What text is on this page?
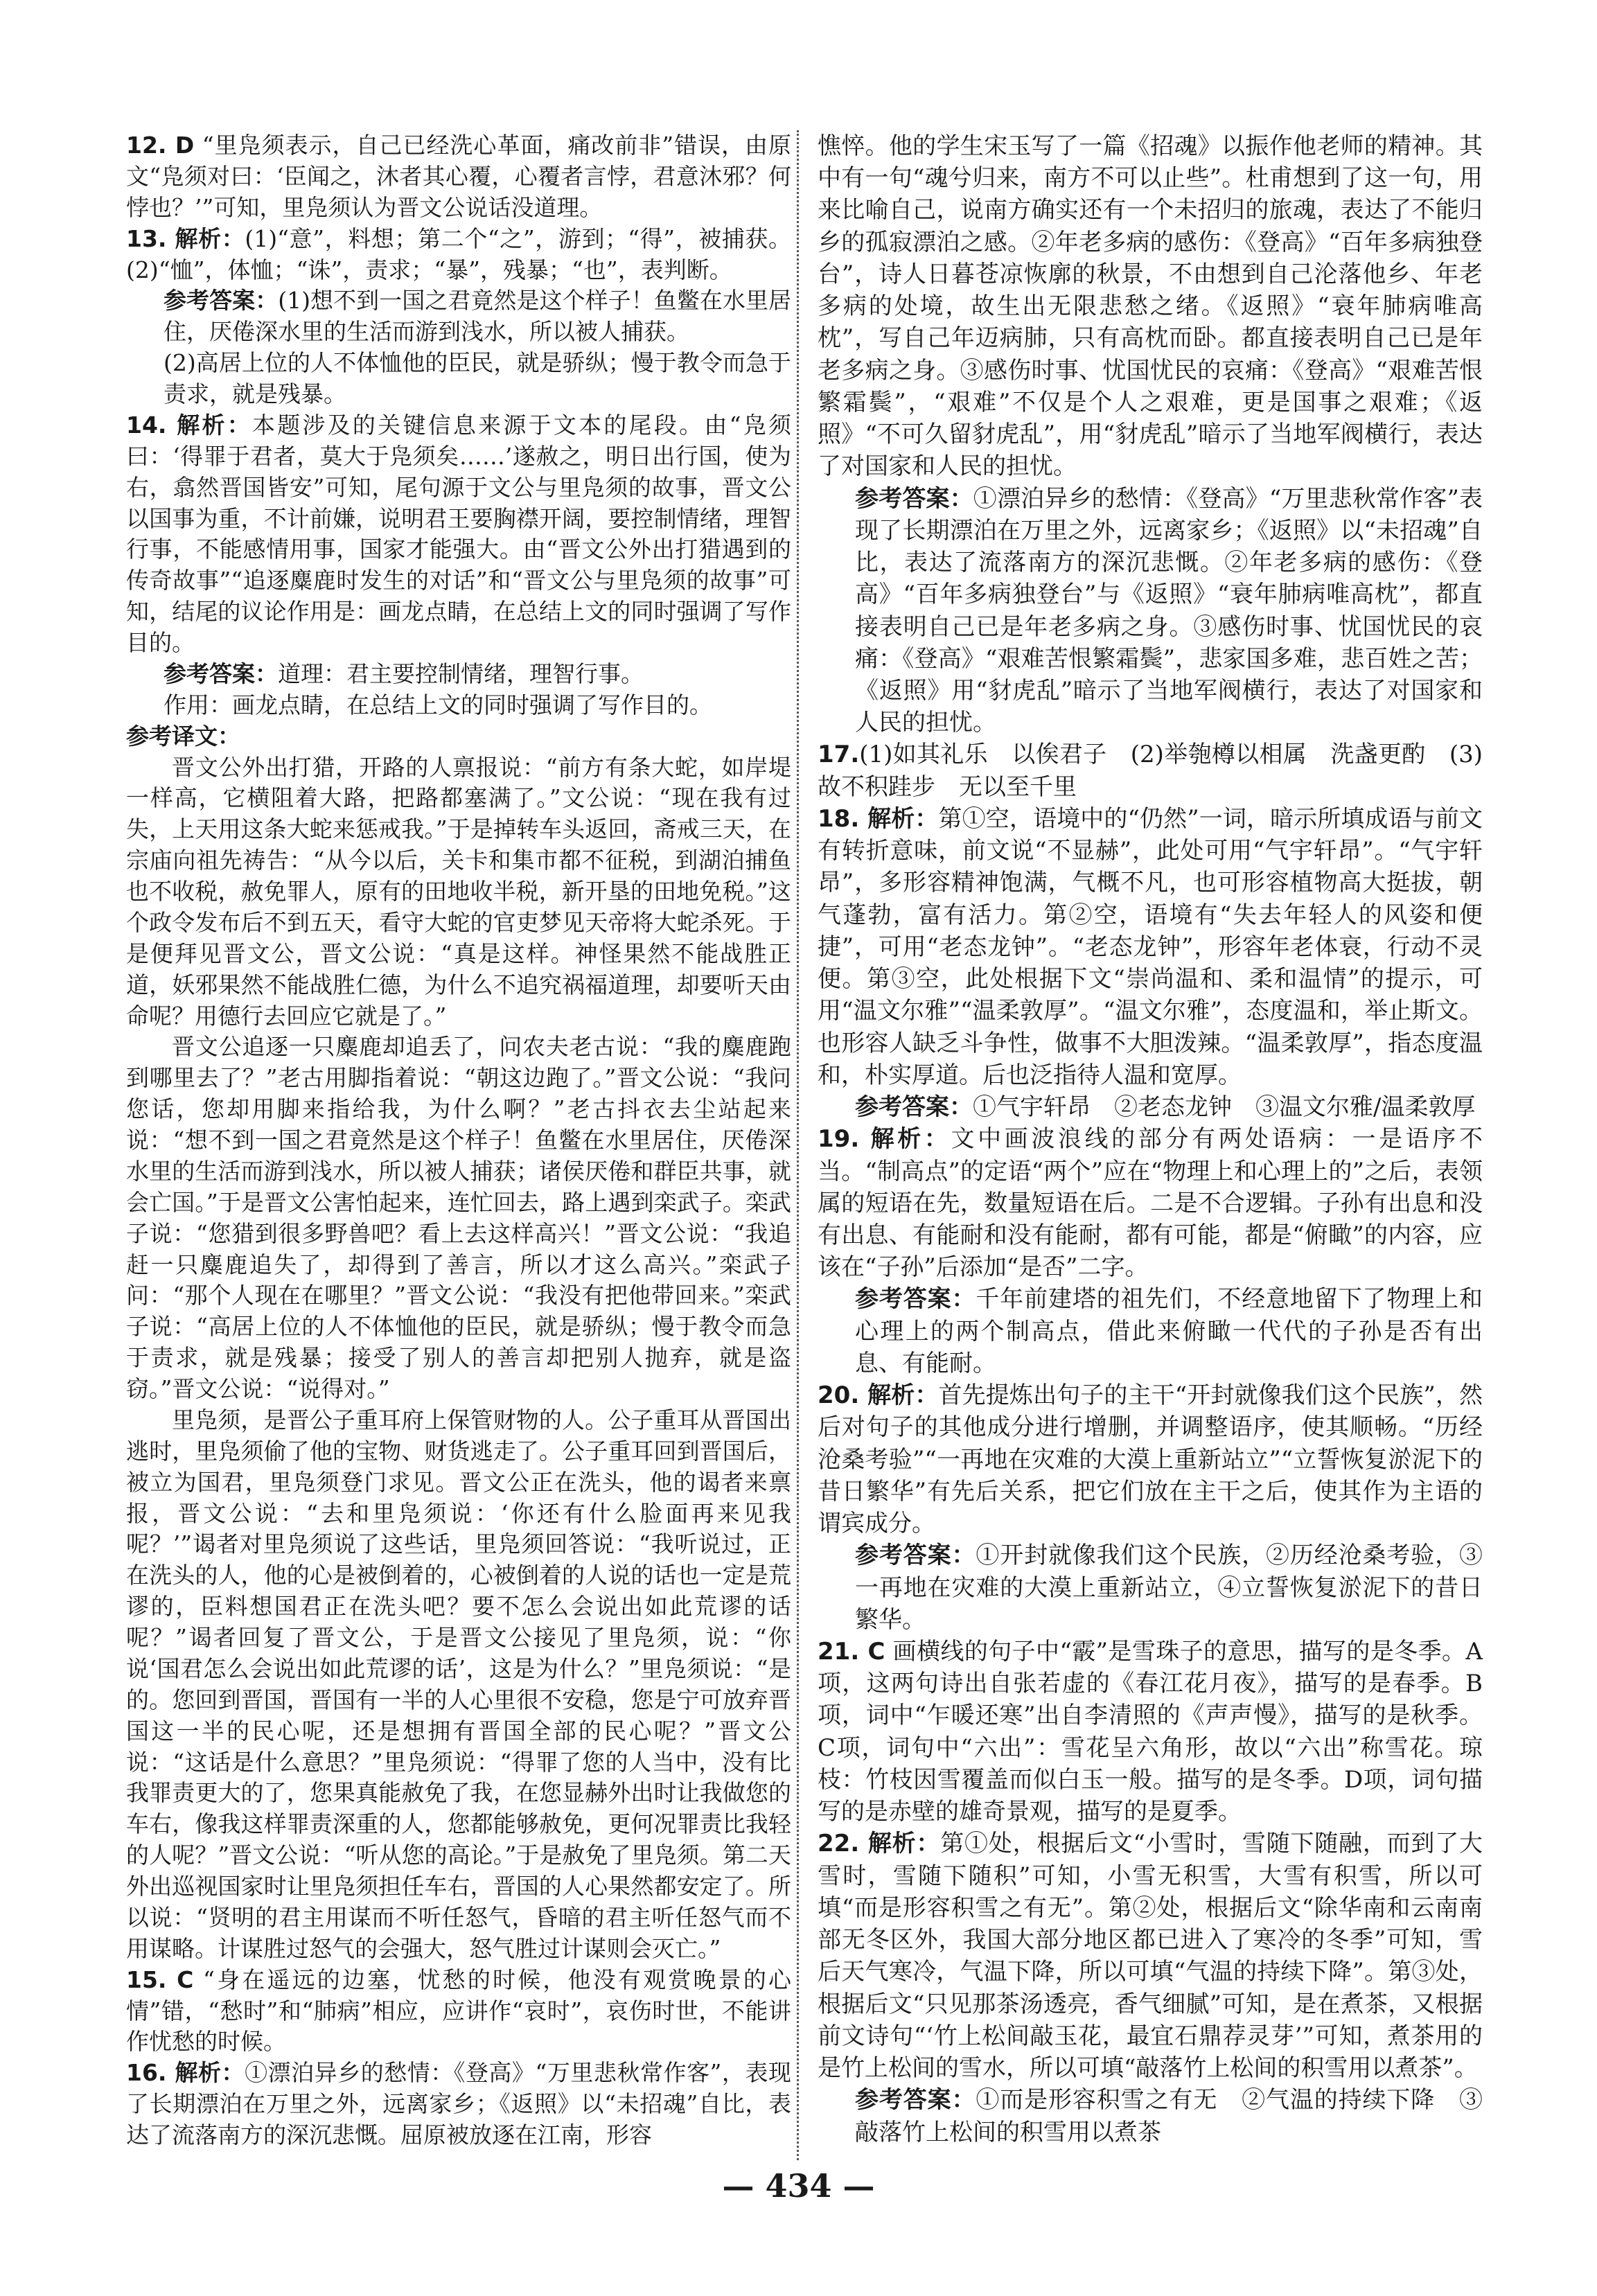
12. D “里凫须表示，自己已经洗心革面，痛改前非”错误，由原文“凫须对曰：‘臣闻之，沐者其心覆，心覆者言悖，君意沐邪？何悖也？’”可知，里凫须认为晋文公说话没道理。

13. 解析：(1)“意”，料想；第二个“之”，游到；“得”，被捕获。(2)“恤”，体恤；“诛”，责求；“暴”，残暴；“也”，表判断。

参考答案：(1)想不到一国之君竟然是这个样子！鱼鳖在水里居住，厌倦深水里的生活而游到浅水，所以被人捕获。

(2)高居上位的人不体恤他的臣民，就是骄纵；慢于教令而急于责求，就是残暴。

14. 解析：本题涉及的关键信息来源于文本的尾段。由“凫须曰：‘得罪于君者，莫大于凫须矣……’遂赦之，明日出行国，使为右，翕然晋国皆安”可知，尾句源于文公与里凫须的故事，晋文公以国事为重，不计前嫌，说明君王要胸襟开阔，要控制情绪，理智行事，不能感情用事，国家才能强大。由“晋文公外出打猎遇到的传奇故事”“追逐麋鹿时发生的对话”和“晋文公与里凫须的故事”可知，结尾的议论作用是：画龙点睛，在总结上文的同时强调了写作目的。

参考答案：道理：君主要控制情绪，理智行事。

作用：画龙点睛，在总结上文的同时强调了写作目的。

参考译文：

晋文公外出打猎，开路的人禀报说：“前方有条大蛇，如岸堤一样高，它横阻着大路，把路都塞满了。”文公说：“现在我有过失，上天用这条大蛇来惩戒我。”于是掉转车头返回，斋戒三天，在宗庙向祖先祷告：“从今以后，关卡和集市都不征税，到湖泊捕鱼也不收税，赦免罪人，原有的田地收半税，新开垦的田地免税。”这个政令发布后不到五天，看守大蛇的官吏梦见天帝将大蛇杀死。于是便拜见晋文公，晋文公说：“真是这样。神怪果然不能战胜正道，妖邪果然不能战胜仁德，为什么不追究祸福道理，却要听天由命呢？用德行去回应它就是了。”

晋文公追逐一只麋鹿却追丢了，问农夫老古说：“我的麋鹿跑到哪里去了？”老古用脚指着说：“朝这边跑了。”晋文公说：“我问您话，您却用脚来指给我，为什么啊？”老古抖衣去尘站起来说：“想不到一国之君竟然是这个样子！鱼鳖在水里居住，厌倦深水里的生活而游到浅水，所以被人捕获；诸侯厌倦和群臣共事，就会亡国。”于是晋文公害怕起来，连忙回去，路上遇到栾武子。栾武子说：“您猎到很多野兽吧？看上去这样高兴！”晋文公说：“我追赶一只麋鹿追失了，却得到了善言，所以才这么高兴。”栾武子问：“那个人现在在哪里？”晋文公说：“我没有把他带回来。”栾武子说：“高居上位的人不体恤他的臣民，就是骄纵；慢于教令而急于责求，就是残暴；接受了别人的善言却把别人抛弃，就是盗窃。”晋文公说：“说得对。”

里凫须，是晋公子重耳府上保管财物的人。公子重耳从晋国出逃时，里凫须偷了他的宝物、财货逃走了。公子重耳回到晋国后，被立为国君，里凫须登门求见。晋文公正在洗头，他的谒者来禀报，晋文公说：“去和里凫须说：‘你还有什么脸面再来见我呢？’”谒者对里凫须说了这些话，里凫须回答说：“我听说过，正在洗头的人，他的心是被倒着的，心被倒着的人说的话也一定是荒谬的，臣料想国君正在洗头吧？要不怎么会说出如此荒谬的话呢？”谒者回复了晋文公，于是晋文公接见了里凫须，说：“你说‘国君怎么会说出如此荒谬的话’，这是为什么？”里凫须说：“是的。您回到晋国，晋国有一半的人心里很不安稳，您是宁可放弃晋国这一半的民心呢，还是想拥有晋国全部的民心呢？”晋文公说：“这话是什么意思？”里凫须说：“得罪了您的人当中，没有比我罪责更大的了，您果真能赦免了我，在您显赫外出时让我做您的车右，像我这样罪责深重的人，您都能够赦免，更何况罪责比我轻的人呢？”晋文公说：“听从您的高论。”于是赦免了里凫须。第二天外出巡视国家时让里凫须担任车右，晋国的人心果然都安定了。所以说：“贤明的君主用谋而不听任怒气，昏暗的君主听任怒气而不用谋略。计谋胜过怒气的会强大，怒气胜过计谋则会灭亡。”

15. C “身在遥远的边塞，忧愁的时候，他没有观赏晚景的心情”错，“愁时”和“肺病”相应，应讲作“哀时”，哀伤时世，不能讲作忧愁的时候。

16. 解析：①漂泊异乡的愁情：《登高》“万里悲秋常作客”，表现了长期漂泊在万里之外，远离家乡；《返照》以“未招魂”自比，表达了流落南方的深沉悲慨。屈原被放逐在江南，形容

憔悴。他的学生宋玉写了一篇《招魂》以振作他老师的精神。其中有一句“魂兮归来，南方不可以止些”。杜甫想到了这一句，用来比喻自己，说南方确实还有一个未招归的旅魂，表达了不能归乡的孤寂漂泊之感。②年老多病的感伤：《登高》“百年多病独登台”，诗人日暮苍凉恢廓的秋景，不由想到自己沦落他乡、年老多病的处境，故生出无限悲愁之绪。《返照》“衰年肺病唯高枕”，写自己年迈病肺，只有高枕而卧。都直接表明自己已是年老多病之身。③感伤时事、忧国忧民的哀痛：《登高》“艰难苦恨繁霜鬓”，“艰难”不仅是个人之艰难，更是国事之艰难；《返照》“不可久留豺虎乱”，用“豺虎乱”暗示了当地军阀横行，表达了对国家和人民的担忧。

参考答案：①漂泊异乡的愁情：《登高》“万里悲秋常作客”表现了长期漂泊在万里之外，远离家乡；《返照》以“未招魂”自比，表达了流落南方的深沉悲慨。②年老多病的感伤：《登高》“百年多病独登台”与《返照》“衰年肺病唯高枕”，都直接表明自己已是年老多病之身。③感伤时事、忧国忧民的哀痛：《登高》“艰难苦恨繁霜鬓”，悲家国多难，悲百姓之苦；《返照》用“豺虎乱”暗示了当地军阀横行，表达了对国家和人民的担忧。

17.(1)如其礼乐　以俟君子　(2)举匏樽以相属　洗盏更酌　(3)故不积跬步　无以至千里

18. 解析：第①空，语境中的“仍然”一词，暗示所填成语与前文有转折意味，前文说“不显赫”，此处可用“气宇轩昂”。“气宇轩昂”，多形容精神饱满，气概不凡，也可形容植物高大挺拔，朝气蓬勃，富有活力。第②空，语境有“失去年轻人的风姿和便捷”，可用“老态龙钟”。“老态龙钟”，形容年老体衰，行动不灵便。第③空，此处根据下文“崇尚温和、柔和温情”的提示，可用“温文尔雅”“温柔敦厚”。“温文尔雅”，态度温和，举止斯文。也形容人缺乏斗争性，做事不大胆泼辣。“温柔敦厚”，指态度温和，朴实厚道。后也泛指待人温和宽厚。

参考答案：①气宇轩昂　②老态龙钟　③温文尔雅/温柔敦厚

19. 解析：文中画波浪线的部分有两处语病：一是语序不当。“制高点”的定语“两个”应在“物理上和心理上的”之后，表领属的短语在先，数量短语在后。二是不合逻辑。子孙有出息和没有出息、有能耐和没有能耐，都有可能，都是“俯瞰”的内容，应该在“子孙”后添加“是否”二字。

参考答案：千年前建塔的祖先们，不经意地留下了物理上和心理上的两个制高点，借此来俯瞰一代代的子孙是否有出息、有能耐。

20. 解析：首先提炼出句子的主干“开封就像我们这个民族”，然后对句子的其他成分进行增删，并调整语序，使其顺畅。“历经沧桑考验”“一再地在灾难的大漠上重新站立”“立誓恢复淤泥下的昔日繁华”有先后关系，把它们放在主干之后，使其作为主语的谓宾成分。

参考答案：①开封就像我们这个民族，②历经沧桑考验，③一再地在灾难的大漠上重新站立，④立誓恢复淤泥下的昔日繁华。

21. C 画横线的句子中“霰”是雪珠子的意思，描写的是冬季。A项，这两句诗出自张若虚的《春江花月夜》，描写的是春季。B项，词中“乍暖还寒”出自李清照的《声声慢》，描写的是秋季。C项，词句中“六出”：雪花呈六角形，故以“六出”称雪花。琼枝：竹枝因雪覆盖而似白玉一般。描写的是冬季。D项，词句描写的是赤壁的雄奇景观，描写的是夏季。

22. 解析：第①处，根据后文“小雪时，雪随下随融，而到了大雪时，雪随下随积”可知，小雪无积雪，大雪有积雪，所以可填“而是形容积雪之有无”。第②处，根据后文“除华南和云南南部无冬区外，我国大部分地区都已进入了寒冷的冬季”可知，雪后天气寒冷，气温下降，所以可填“气温的持续下降”。第③处，根据后文“只见那茶汤透亮，香气细腻”可知，是在煮茶，又根据前文诗句“‘竹上松间敲玉花，最宜石鼎荐灵芽’”可知，煮茶用的是竹上松间的雪水，所以可填“敲落竹上松间的积雪用以煮茶”。

参考答案：①而是形容积雪之有无　②气温的持续下降　③敲落竹上松间的积雪用以煮茶

— 434 —
